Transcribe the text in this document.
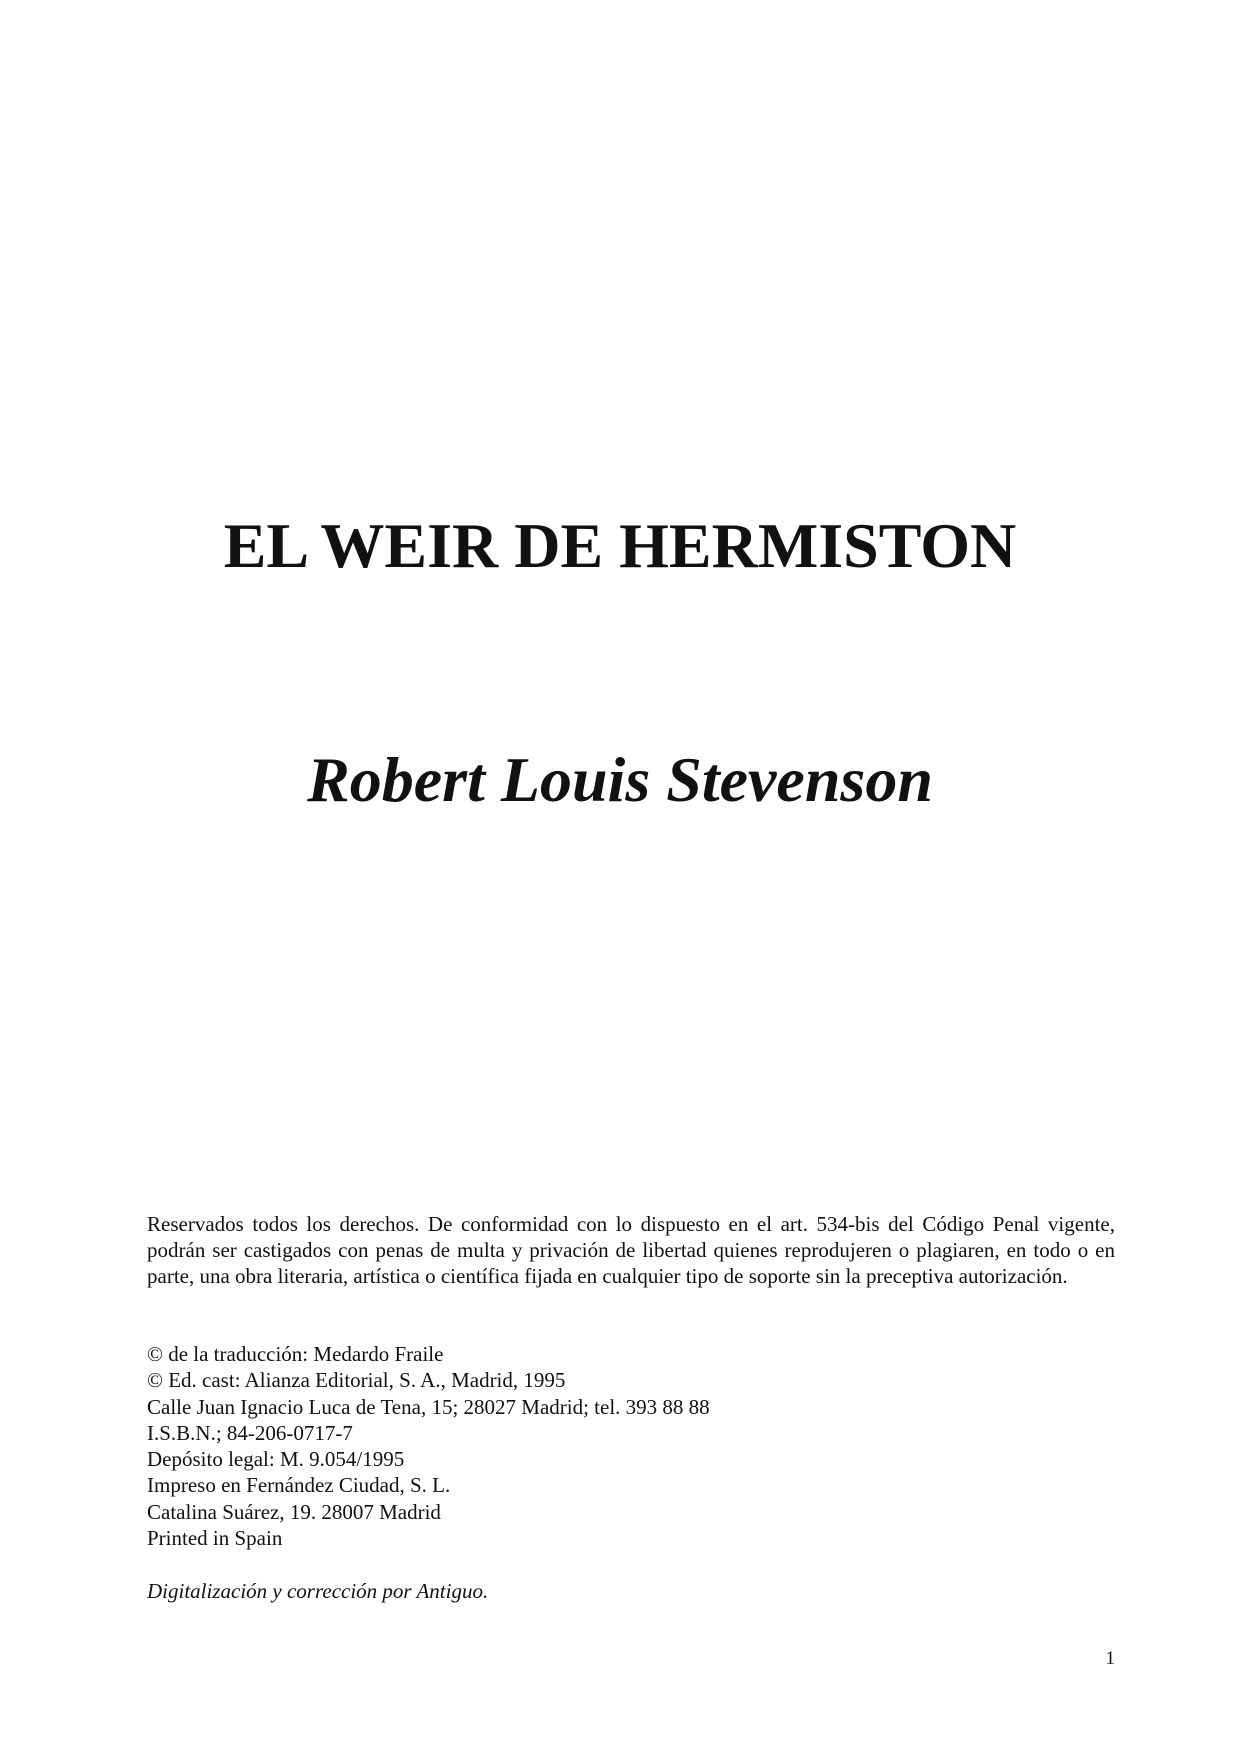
EL WEIR DE HERMISTON
Robert Louis Stevenson

Reservados todos los derechos. De conformidad con lo dispuesto en el art. 534-bis del Código Penal vigente, podrán ser castigados con penas de multa y privación de libertad quienes reprodujeren o plagiaren, en todo o en parte, una obra literaria, artística o científica fijada en cualquier tipo de soporte sin la preceptiva autorización.

© de la traducción: Medardo Fraile
© Ed. cast: Alianza Editorial, S. A., Madrid, 1995
Calle Juan Ignacio Luca de Tena, 15; 28027 Madrid; tel. 393 88 88
I.S.B.N.; 84-206-0717-7
Depósito legal: M. 9.054/1995
Impreso en Fernández Ciudad, S. L.
Catalina Suárez, 19. 28007 Madrid
Printed in Spain

Digitalización y corrección por Antiguo.

1
